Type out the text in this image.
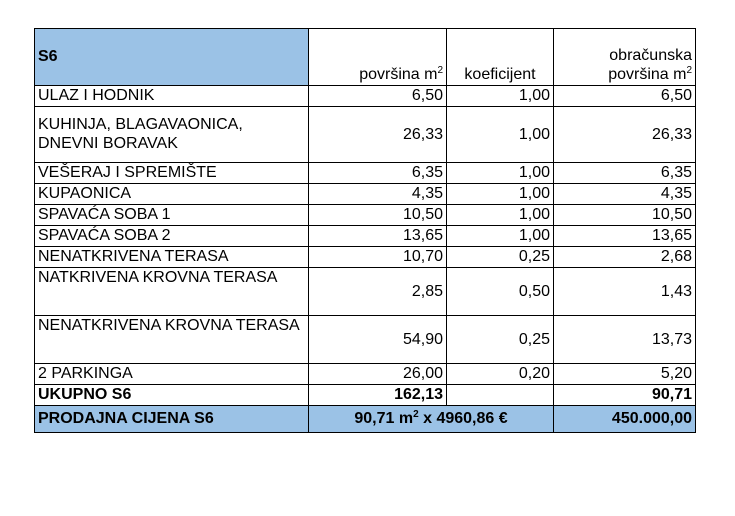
S6	površina $m^2$	koeficijent	obračunska
površina $m^2$

ULAZ I HODNIK	6,50	1,00	6,50
KUHINJA, BLAGAVAONICA, DNEVNI BORAVAK	26,33	1,00	26,33
VEŠERAJ I SPREMIŠTE	6,35	1,00	6,35
KUPAONICA	4,35	1,00	4,35
SPAVAĆA SOBA 1	10,50	1,00	10,50
SPAVAĆA SOBA 2	13,65	1,00	13,65
NENATKRIVENA TERASA	10,70	0,25	2,68
NATKRIVENA KROVNA TERASA	2,85	0,50	1,43
NENATKRIVENA KROVNA TERASA	54,90	0,25	13,73
2 PARKINGA	26,00	0,20	5,20
UKUPNO S6	162,13		90,71
PRODAJNA CIJENA S6	90,71 $m^2$ x 4960,86 €		450.000,00
